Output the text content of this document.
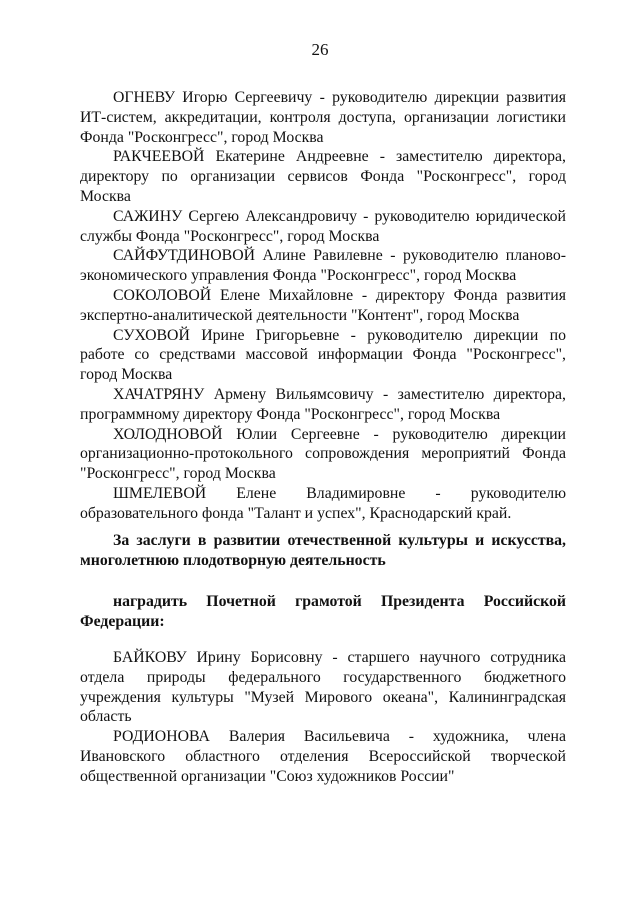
26

ОГНЕВУ Игорю Сергеевичу - руководителю дирекции развития ИТ-систем, аккредитации, контроля доступа, организации логистики Фонда "Росконгресс", город Москва

РАКЧЕЕВОЙ Екатерине Андреевне - заместителю директора, директору по организации сервисов Фонда "Росконгресс", город Москва

САЖИНУ Сергею Александровичу - руководителю юридической службы Фонда "Росконгресс", город Москва

САЙФУТДИНОВОЙ Алине Равилевне - руководителю планово-экономического управления Фонда "Росконгресс", город Москва

СОКОЛОВОЙ Елене Михайловне - директору Фонда развития экспертно-аналитической деятельности "Контент", город Москва

СУХОВОЙ Ирине Григорьевне - руководителю дирекции по работе со средствами массовой информации Фонда "Росконгресс", город Москва

ХАЧАТРЯНУ Армену Вильямсовичу - заместителю директора, программному директору Фонда "Росконгресс", город Москва

ХОЛОДНОВОЙ Юлии Сергеевне - руководителю дирекции организационно-протокольного сопровождения мероприятий Фонда "Росконгресс", город Москва

ШМЕЛЕВОЙ Елене Владимировне - руководителю образовательного фонда "Талант и успех", Краснодарский край.

За заслуги в развитии отечественной культуры и искусства, многолетнюю плодотворную деятельность

наградить Почетной грамотой Президента Российской Федерации:

БАЙКОВУ Ирину Борисовну - старшего научного сотрудника отдела природы федерального государственного бюджетного учреждения культуры "Музей Мирового океана", Калининградская область

РОДИОНОВА Валерия Васильевича - художника, члена Ивановского областного отделения Всероссийской творческой общественной организации "Союз художников России"
